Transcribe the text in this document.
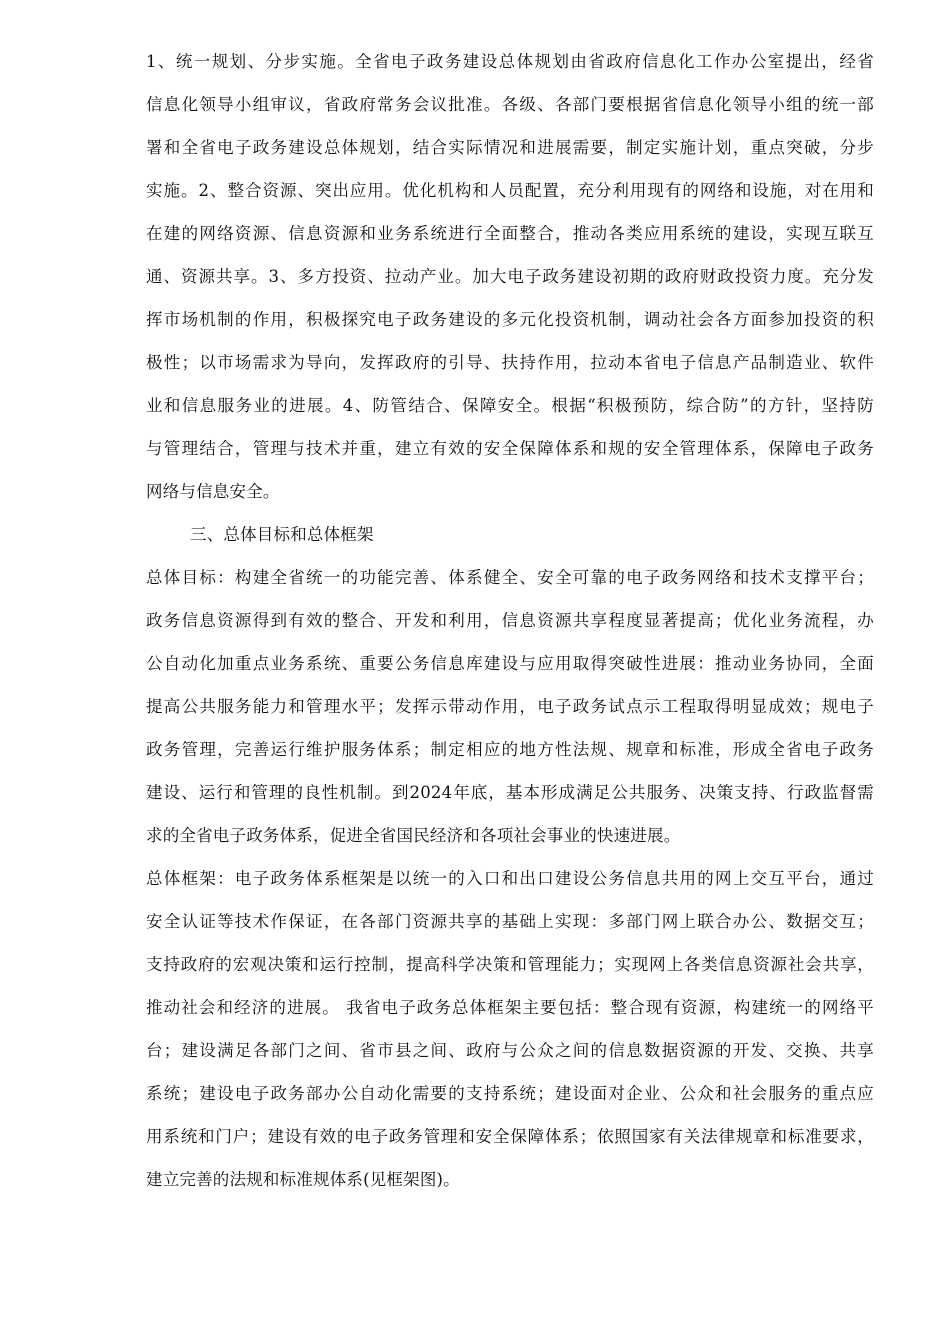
1、统一规划、分步实施。全省电子政务建设总体规划由省政府信息化工作办公室提出，经省
信息化领导小组审议，省政府常务会议批准。各级、各部门要根据省信息化领导小组的统一部
署和全省电子政务建设总体规划，结合实际情况和进展需要，制定实施计划，重点突破，分步
实施。2、整合资源、突出应用。优化机构和人员配置，充分利用现有的网络和设施，对在用和
在建的网络资源、信息资源和业务系统进行全面整合，推动各类应用系统的建设，实现互联互
通、资源共享。3、多方投资、拉动产业。加大电子政务建设初期的政府财政投资力度。充分发
挥市场机制的作用，积极探究电子政务建设的多元化投资机制，调动社会各方面参加投资的积
极性；以市场需求为导向，发挥政府的引导、扶持作用，拉动本省电子信息产品制造业、软件
业和信息服务业的进展。4、防管结合、保障安全。根据“积极预防，综合防”的方针，坚持防
与管理结合，管理与技术并重，建立有效的安全保障体系和规的安全管理体系，保障电子政务
网络与信息安全。
三、总体目标和总体框架
总体目标：构建全省统一的功能完善、体系健全、安全可靠的电子政务网络和技术支撑平台；
政务信息资源得到有效的整合、开发和利用，信息资源共享程度显著提高；优化业务流程，办
公自动化加重点业务系统、重要公务信息库建设与应用取得突破性进展：推动业务协同，全面
提高公共服务能力和管理水平；发挥示带动作用，电子政务试点示工程取得明显成效；规电子
政务管理，完善运行维护服务体系；制定相应的地方性法规、规章和标准，形成全省电子政务
建设、运行和管理的良性机制。到2024年底，基本形成满足公共服务、决策支持、行政监督需
求的全省电子政务体系，促进全省国民经济和各项社会事业的快速进展。
总体框架：电子政务体系框架是以统一的入口和出口建设公务信息共用的网上交互平台，通过
安全认证等技术作保证，在各部门资源共享的基础上实现：多部门网上联合办公、数据交互；
支持政府的宏观决策和运行控制，提高科学决策和管理能力；实现网上各类信息资源社会共享，
推动社会和经济的进展。 我省电子政务总体框架主要包括：整合现有资源，构建统一的网络平
台；建设满足各部门之间、省市县之间、政府与公众之间的信息数据资源的开发、交换、共享
系统；建设电子政务部办公自动化需要的支持系统；建设面对企业、公众和社会服务的重点应
用系统和门户；建设有效的电子政务管理和安全保障体系；依照国家有关法律规章和标准要求，
建立完善的法规和标准规体系(见框架图)。
